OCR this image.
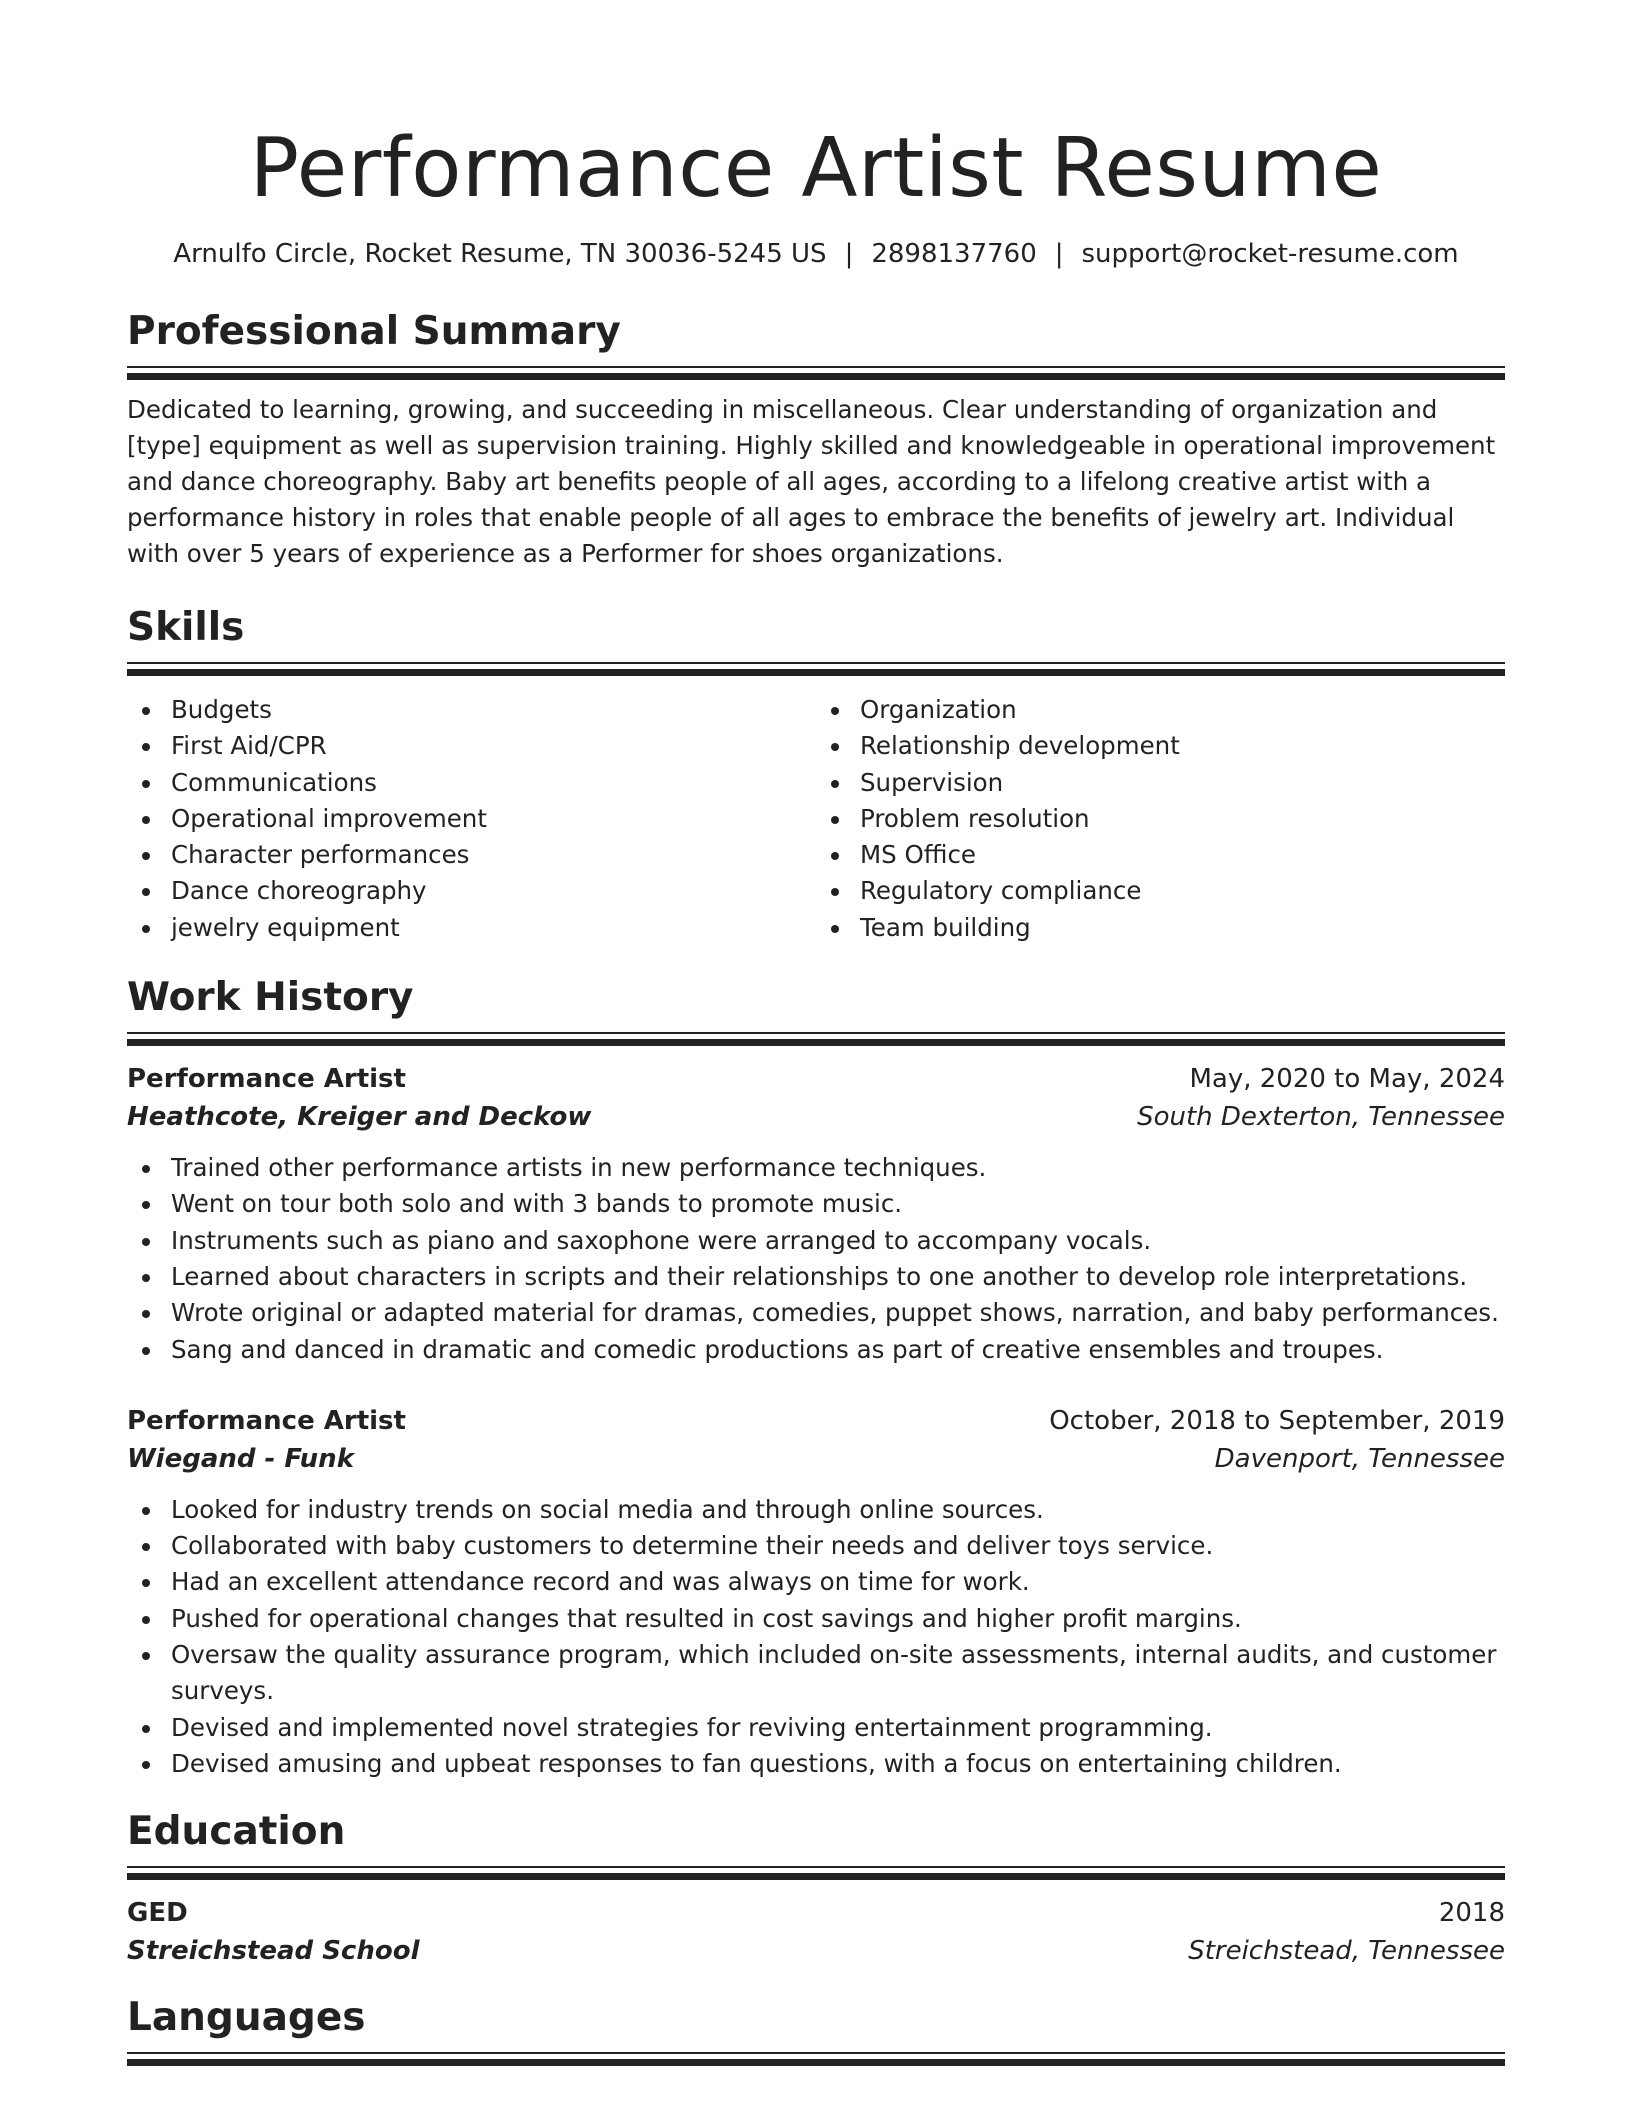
Performance Artist Resume
Arnulfo Circle, Rocket Resume, TN 30036-5245 US | 2898137760 | support@rocket-resume.com
Professional Summary

Dedicated to learning, growing, and succeeding in miscellaneous. Clear understanding of organization and [type] equipment as well as supervision training. Highly skilled and knowledgeable in operational improvement and dance choreography. Baby art benefits people of all ages, according to a lifelong creative artist with a performance history in roles that enable people of all ages to embrace the benefits of jewelry art. Individual with over 5 years of experience as a Performer for shoes organizations.

Skills
Budgets
First Aid/CPR
Communications
Operational improvement
Character performances
Dance choreography
jewelry equipment
Organization
Relationship development
Supervision
Problem resolution
MS Office
Regulatory compliance
Team building
Work History
Performance Artist	May, 2020 to May, 2024
Heathcote, Kreiger and Deckow	South Dexterton, Tennessee
Trained other performance artists in new performance techniques.
Went on tour both solo and with 3 bands to promote music.
Instruments such as piano and saxophone were arranged to accompany vocals.
Learned about characters in scripts and their relationships to one another to develop role interpretations.
Wrote original or adapted material for dramas, comedies, puppet shows, narration, and baby performances.
Sang and danced in dramatic and comedic productions as part of creative ensembles and troupes.
Performance Artist	October, 2018 to September, 2019
Wiegand - Funk	Davenport, Tennessee
Looked for industry trends on social media and through online sources.
Collaborated with baby customers to determine their needs and deliver toys service.
Had an excellent attendance record and was always on time for work.
Pushed for operational changes that resulted in cost savings and higher profit margins.
Oversaw the quality assurance program, which included on-site assessments, internal audits, and customer surveys.
Devised and implemented novel strategies for reviving entertainment programming.
Devised amusing and upbeat responses to fan questions, with a focus on entertaining children.
Education
GED	2018
Streichstead School	Streichstead, Tennessee
Languages
